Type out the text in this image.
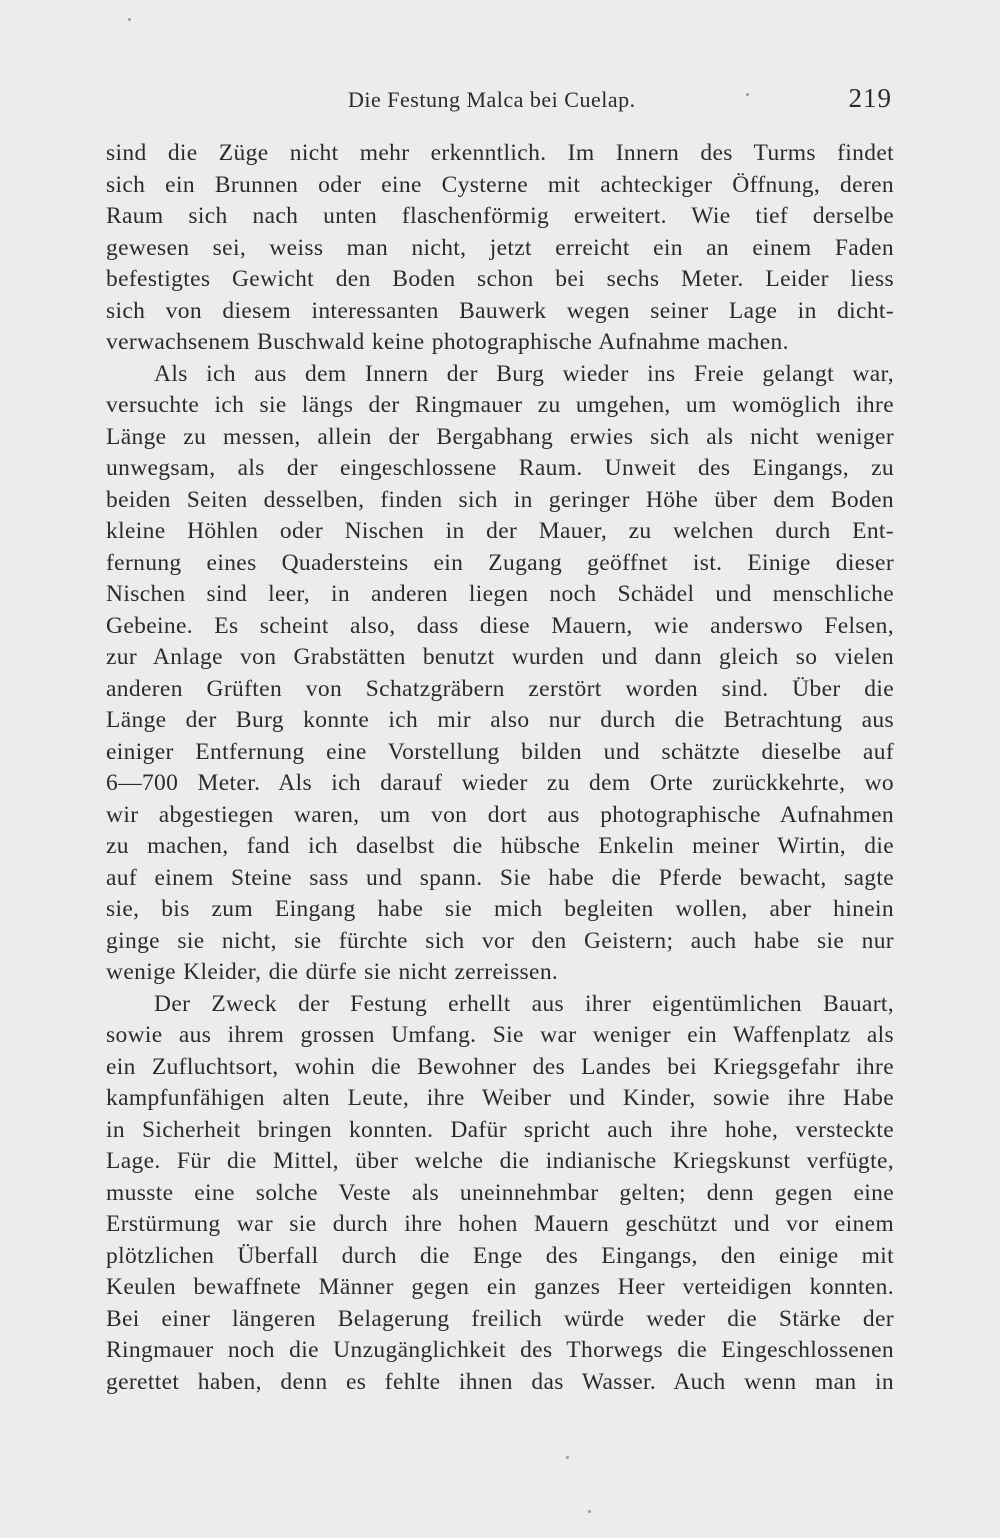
Die Festung Malca bei Cuelap.	219
sind die Züge nicht mehr erkenntlich. Im Innern des Turms findet
sich ein Brunnen oder eine Cysterne mit achteckiger Öffnung, deren
Raum sich nach unten flaschenförmig erweitert. Wie tief derselbe
gewesen sei, weiss man nicht, jetzt erreicht ein an einem Faden
befestigtes Gewicht den Boden schon bei sechs Meter. Leider liess
sich von diesem interessanten Bauwerk wegen seiner Lage in dicht-
verwachsenem Buschwald keine photographische Aufnahme machen.
Als ich aus dem Innern der Burg wieder ins Freie gelangt war,
versuchte ich sie längs der Ringmauer zu umgehen, um womöglich ihre
Länge zu messen, allein der Bergabhang erwies sich als nicht weniger
unwegsam, als der eingeschlossene Raum. Unweit des Eingangs, zu
beiden Seiten desselben, finden sich in geringer Höhe über dem Boden
kleine Höhlen oder Nischen in der Mauer, zu welchen durch Ent-
fernung eines Quadersteins ein Zugang geöffnet ist. Einige dieser
Nischen sind leer, in anderen liegen noch Schädel und menschliche
Gebeine. Es scheint also, dass diese Mauern, wie anderswo Felsen,
zur Anlage von Grabstätten benutzt wurden und dann gleich so vielen
anderen Grüften von Schatzgräbern zerstört worden sind. Über die
Länge der Burg konnte ich mir also nur durch die Betrachtung aus
einiger Entfernung eine Vorstellung bilden und schätzte dieselbe auf
6—700 Meter. Als ich darauf wieder zu dem Orte zurückkehrte, wo
wir abgestiegen waren, um von dort aus photographische Aufnahmen
zu machen, fand ich daselbst die hübsche Enkelin meiner Wirtin, die
auf einem Steine sass und spann. Sie habe die Pferde bewacht, sagte
sie, bis zum Eingang habe sie mich begleiten wollen, aber hinein
ginge sie nicht, sie fürchte sich vor den Geistern; auch habe sie nur
wenige Kleider, die dürfe sie nicht zerreissen.
Der Zweck der Festung erhellt aus ihrer eigentümlichen Bauart,
sowie aus ihrem grossen Umfang. Sie war weniger ein Waffenplatz als
ein Zufluchtsort, wohin die Bewohner des Landes bei Kriegsgefahr ihre
kampfunfähigen alten Leute, ihre Weiber und Kinder, sowie ihre Habe
in Sicherheit bringen konnten. Dafür spricht auch ihre hohe, versteckte
Lage. Für die Mittel, über welche die indianische Kriegskunst verfügte,
musste eine solche Veste als uneinnehmbar gelten; denn gegen eine
Erstürmung war sie durch ihre hohen Mauern geschützt und vor einem
plötzlichen Überfall durch die Enge des Eingangs, den einige mit
Keulen bewaffnete Männer gegen ein ganzes Heer verteidigen konnten.
Bei einer längeren Belagerung freilich würde weder die Stärke der
Ringmauer noch die Unzugänglichkeit des Thorwegs die Eingeschlossenen
gerettet haben, denn es fehlte ihnen das Wasser. Auch wenn man in
